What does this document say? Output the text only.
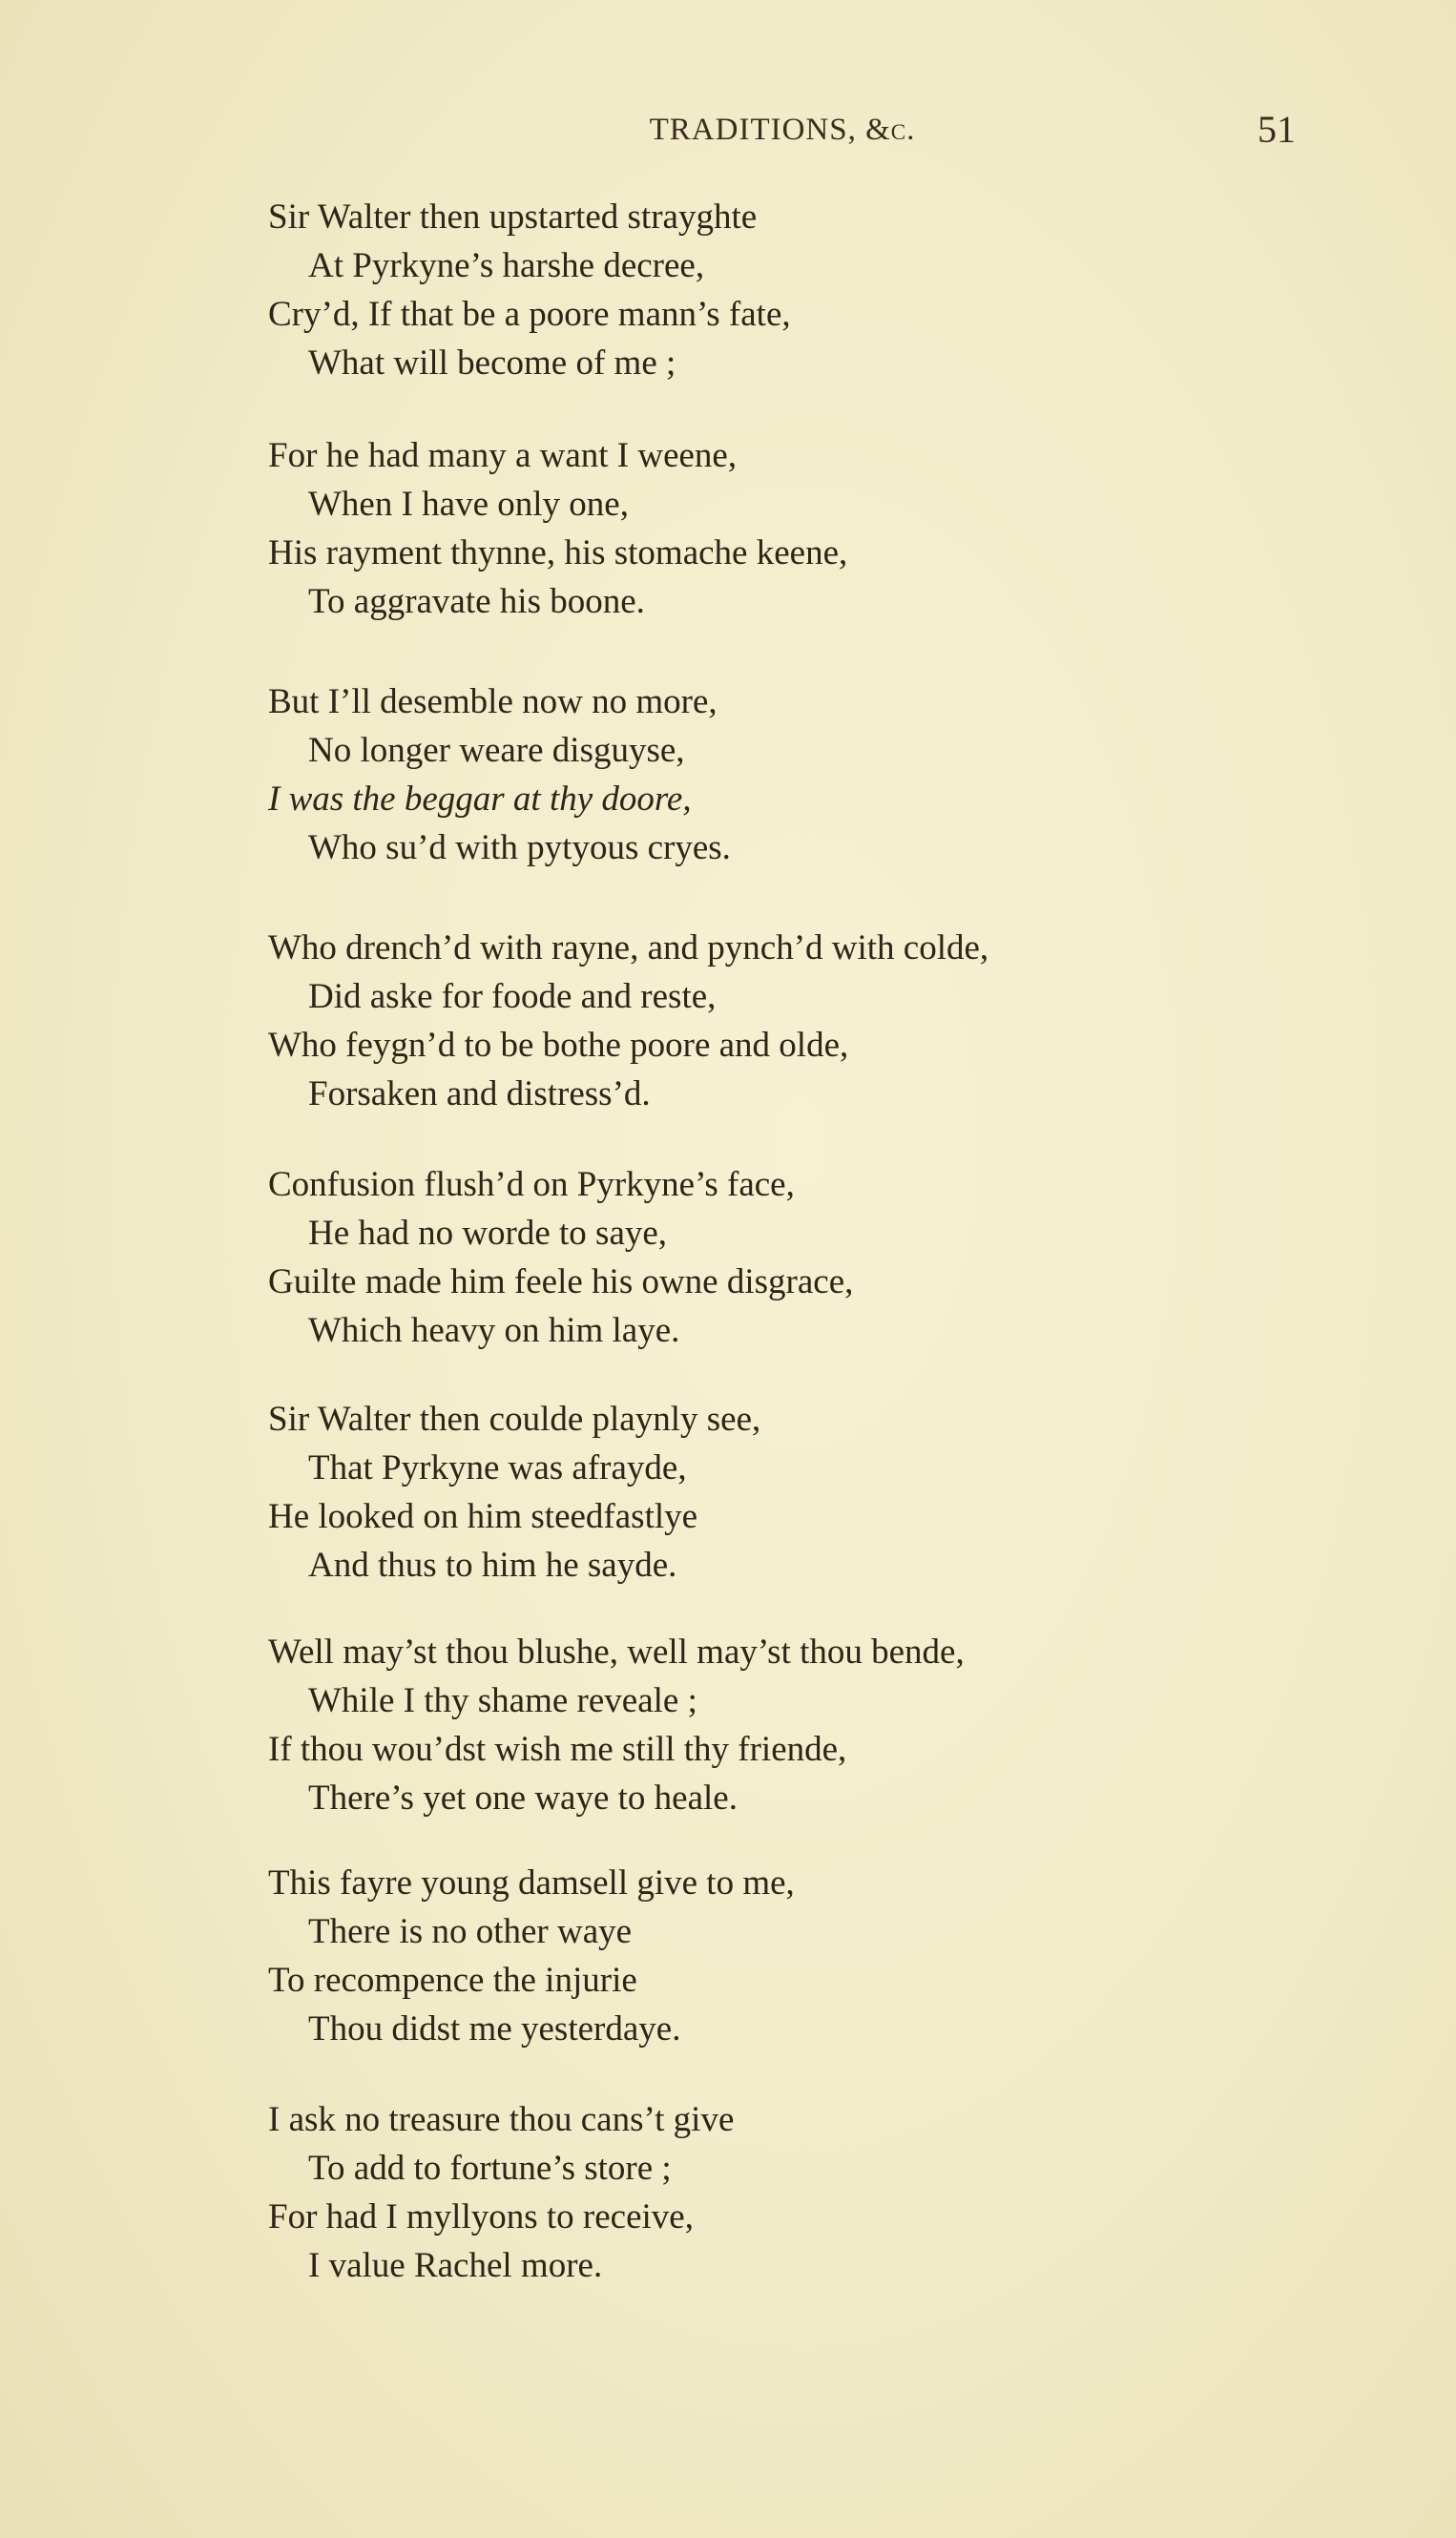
TRADITIONS, &c.	51
Sir Walter then upstarted strayghte
At Pyrkyne’s harshe decree,
Cry’d, If that be a poore mann’s fate,
What will become of me ;
For he had many a want I weene,
When I have only one,
His rayment thynne, his stomache keene,
To aggravate his boone.
But I’ll desemble now no more,
No longer weare disguyse,
I was the beggar at thy doore,
Who su’d with pytyous cryes.
Who drench’d with rayne, and pynch’d with colde,
Did aske for foode and reste,
Who feygn’d to be bothe poore and olde,
Forsaken and distress’d.
Confusion flush’d on Pyrkyne’s face,
He had no worde to saye,
Guilte made him feele his owne disgrace,
Which heavy on him laye.
Sir Walter then coulde playnly see,
That Pyrkyne was afrayde,
He looked on him steedfastlye
And thus to him he sayde.
Well may’st thou blushe, well may’st thou bende,
While I thy shame reveale ;
If thou wou’dst wish me still thy friende,
There’s yet one waye to heale.
This fayre young damsell give to me,
There is no other waye
To recompence the injurie
Thou didst me yesterdaye.
I ask no treasure thou cans’t give
To add to fortune’s store ;
For had I myllyons to receive,
I value Rachel more.
